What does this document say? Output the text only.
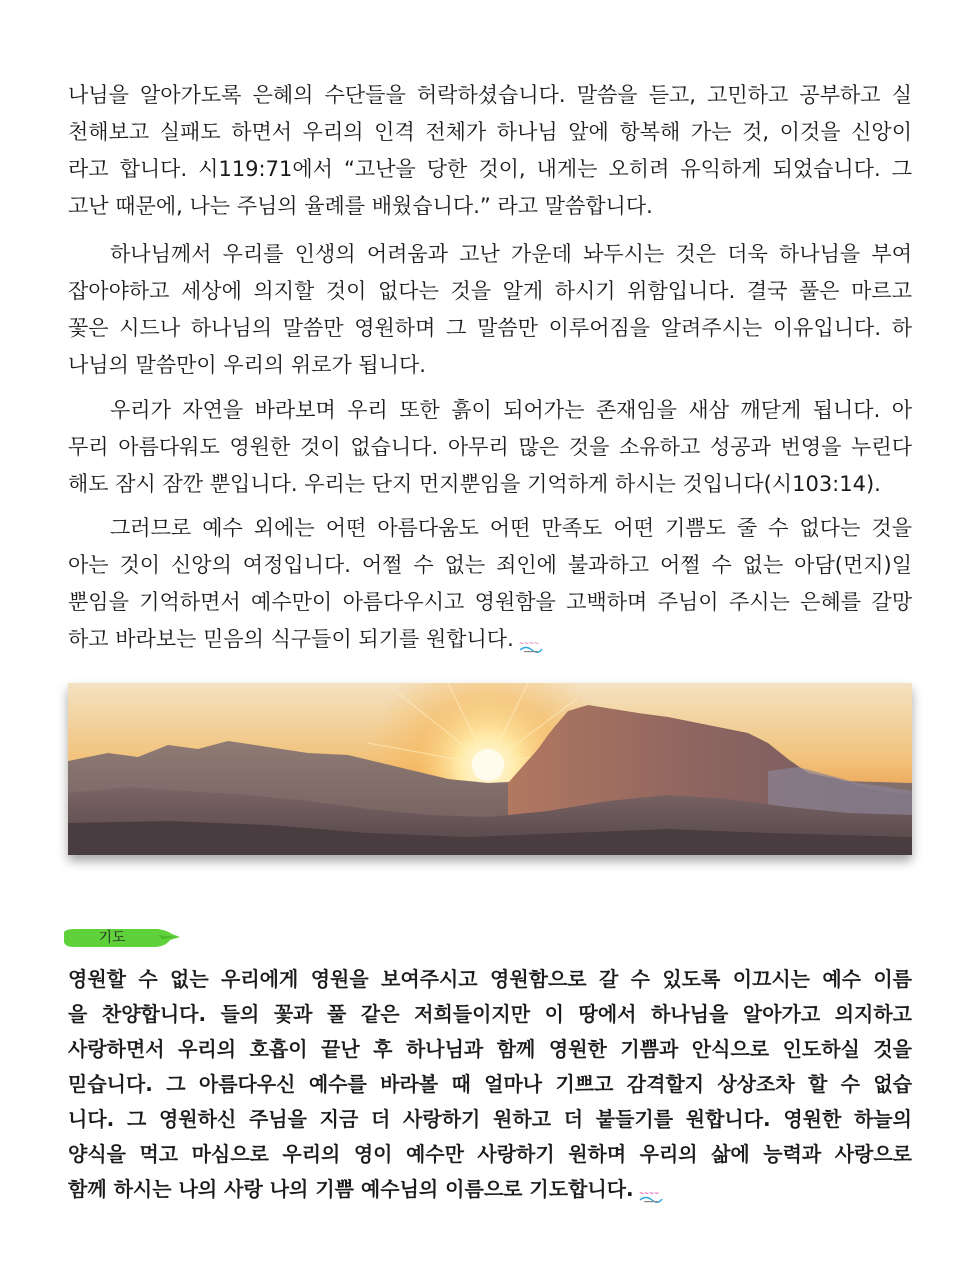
나님을 알아가도록 은혜의 수단들을 허락하셨습니다. 말씀을 듣고, 고민하고 공부하고 실
천해보고 실패도 하면서 우리의 인격 전체가 하나님 앞에 항복해 가는 것, 이것을 신앙이
라고 합니다. 시119:71에서 “고난을 당한 것이, 내게는 오히려 유익하게 되었습니다. 그
고난 때문에, 나는 주님의 율례를 배웠습니다.” 라고 말씀합니다.
하나님께서 우리를 인생의 어려움과 고난 가운데 놔두시는 것은 더욱 하나님을 부여
잡아야하고 세상에 의지할 것이 없다는 것을 알게 하시기 위함입니다. 결국 풀은 마르고
꽃은 시드나 하나님의 말씀만 영원하며 그 말씀만 이루어짐을 알려주시는 이유입니다. 하
나님의 말씀만이 우리의 위로가 됩니다.
우리가 자연을 바라보며 우리 또한 흙이 되어가는 존재임을 새삼 깨닫게 됩니다. 아
무리 아름다워도 영원한 것이 없습니다. 아무리 많은 것을 소유하고 성공과 번영을 누린다
해도 잠시 잠깐 뿐입니다. 우리는 단지 먼지뿐임을 기억하게 하시는 것입니다(시103:14).
그러므로 예수 외에는 어떤 아름다움도 어떤 만족도 어떤 기쁨도 줄 수 없다는 것을
아는 것이 신앙의 여정입니다. 어쩔 수 없는 죄인에 불과하고 어쩔 수 없는 아담(먼지)일
뿐임을 기억하면서 예수만이 아름다우시고 영원함을 고백하며 주님이 주시는 은혜를 갈망
하고 바라보는 믿음의 식구들이 되기를 원합니다. ~~~~
기도
영원할 수 없는 우리에게 영원을 보여주시고 영원함으로 갈 수 있도록 이끄시는 예수 이름
을 찬양합니다. 들의 꽃과 풀 같은 저희들이지만 이 땅에서 하나님을 알아가고 의지하고
사랑하면서 우리의 호흡이 끝난 후 하나님과 함께 영원한 기쁨과 안식으로 인도하실 것을
믿습니다. 그 아름다우신 예수를 바라볼 때 얼마나 기쁘고 감격할지 상상조차 할 수 없습
니다. 그 영원하신 주님을 지금 더 사랑하기 원하고 더 붙들기를 원합니다. 영원한 하늘의
양식을 먹고 마심으로 우리의 영이 예수만 사랑하기 원하며 우리의 삶에 능력과 사랑으로
함께 하시는 나의 사랑 나의 기쁨 예수님의 이름으로 기도합니다. ~~~~
